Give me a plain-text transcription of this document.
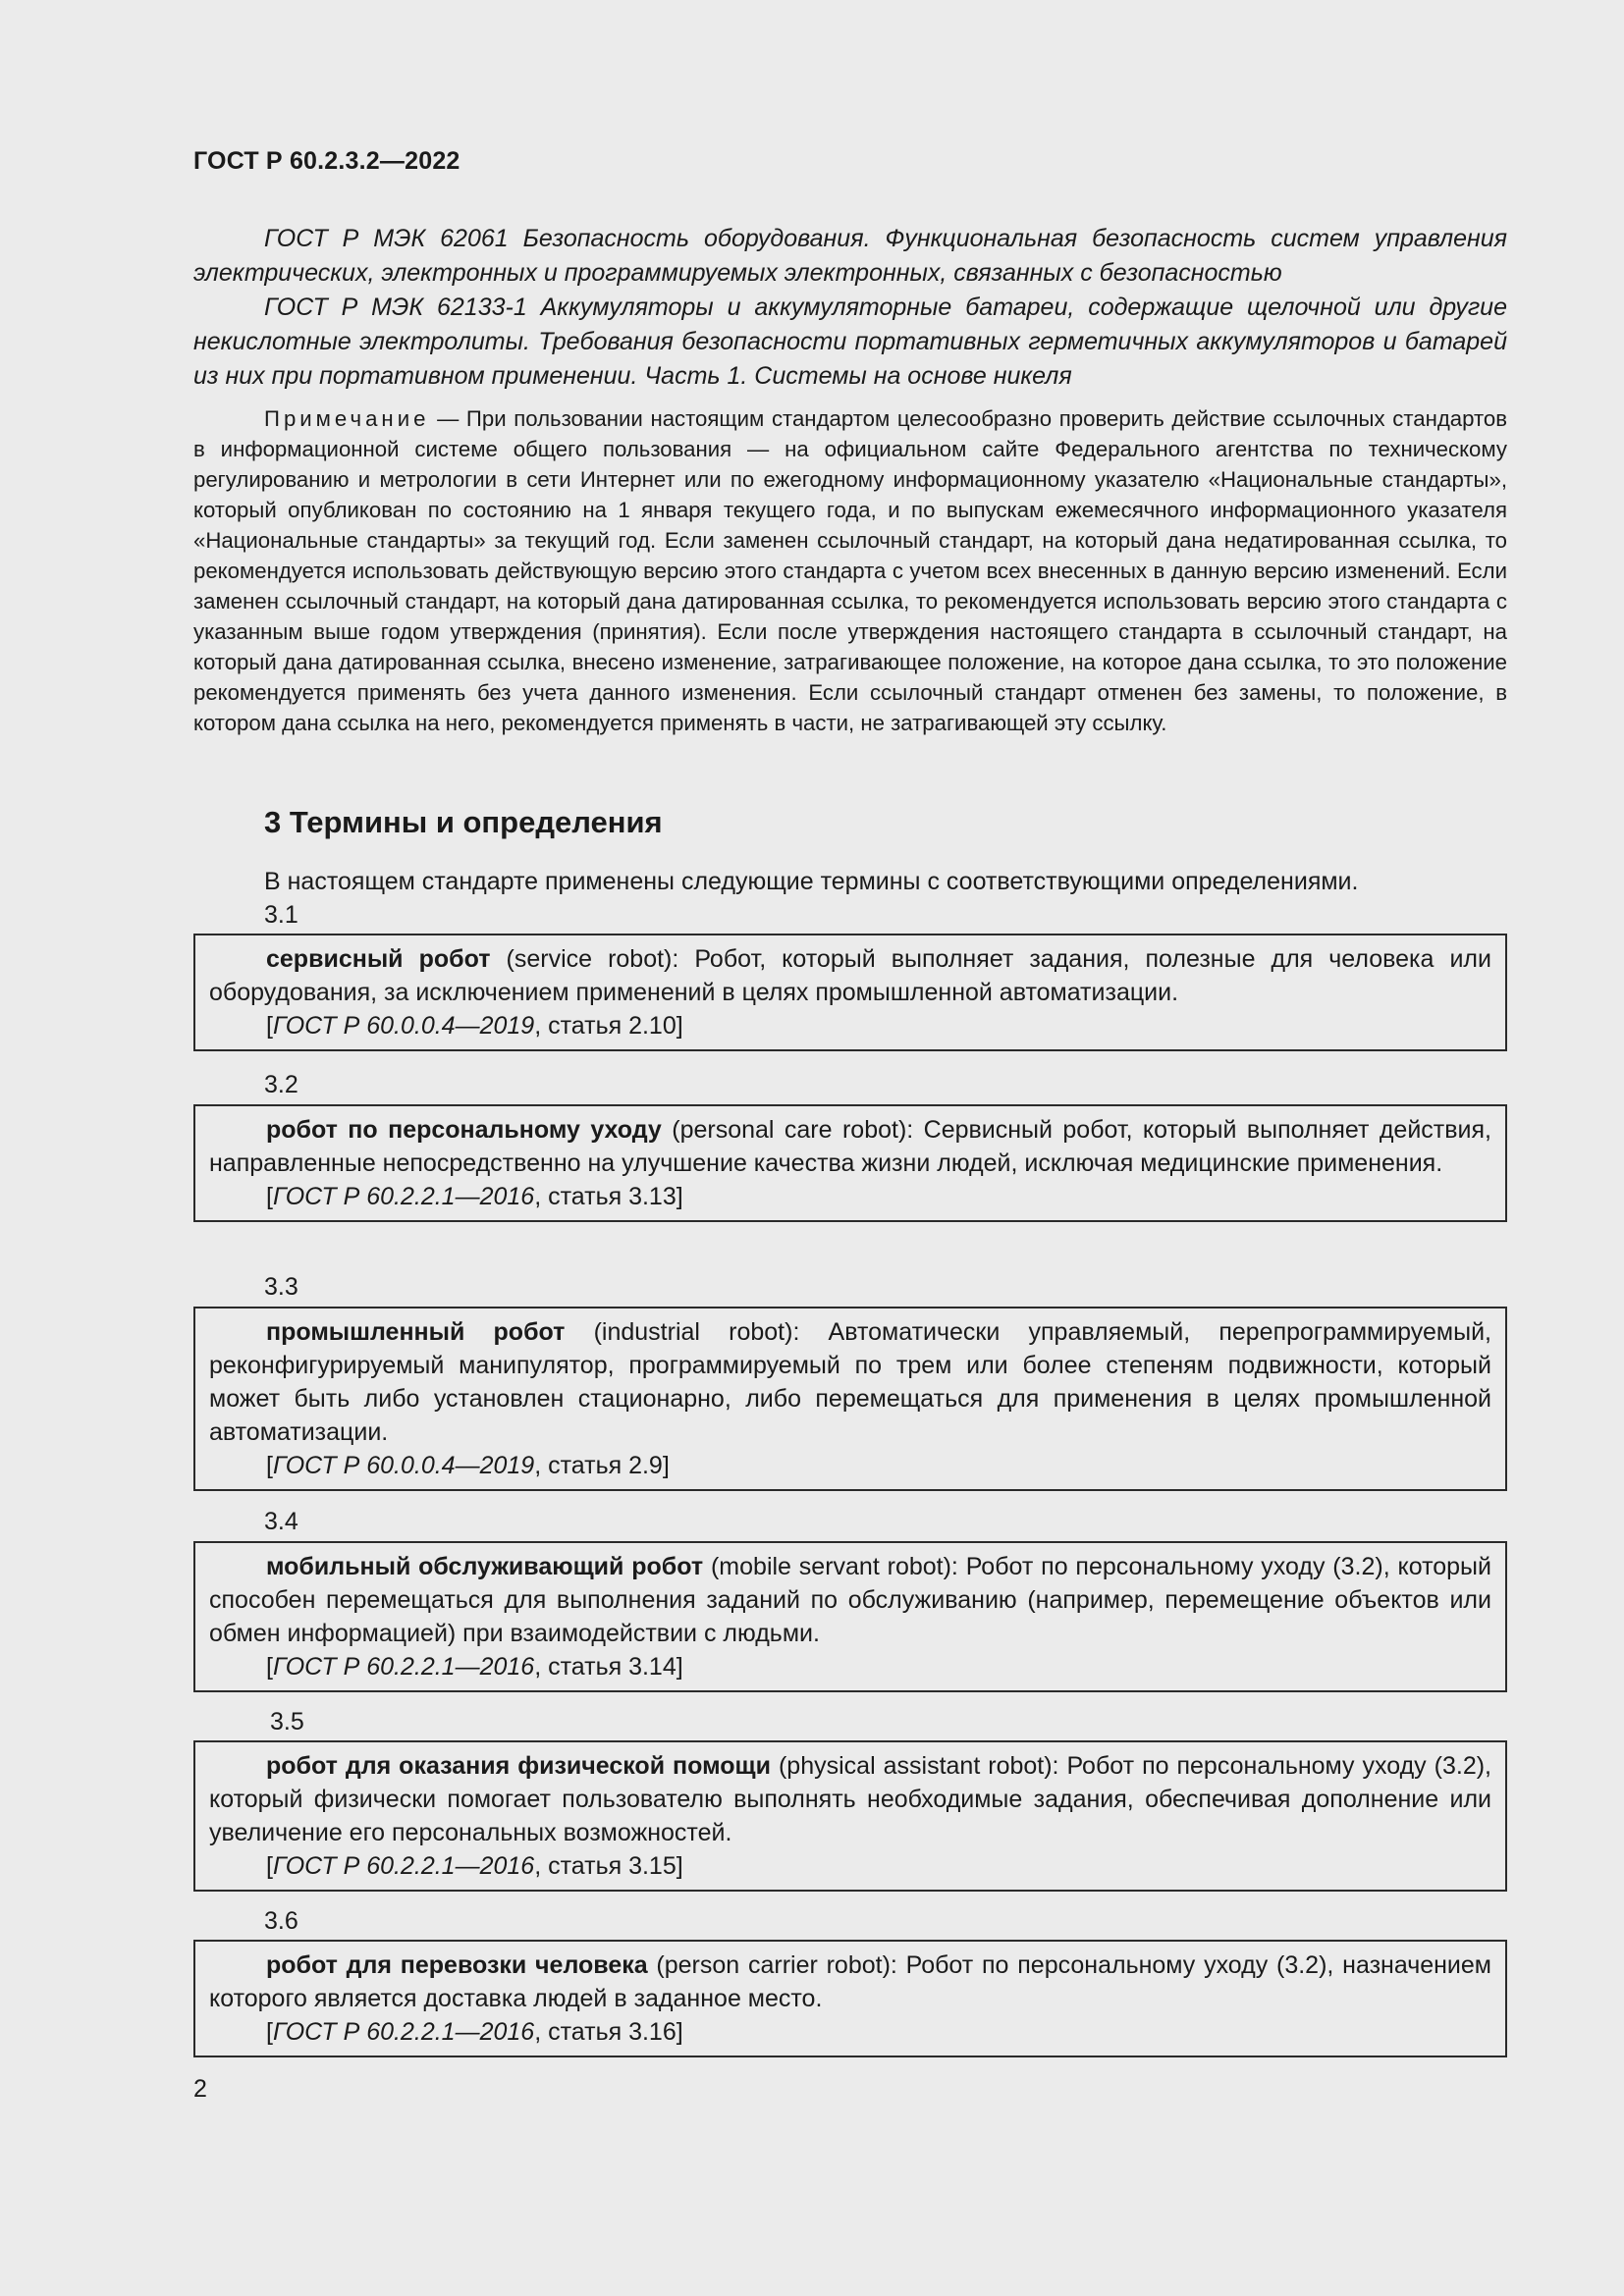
ГОСТ Р 60.2.3.2—2022

ГОСТ Р МЭК 62061 Безопасность оборудования. Функциональная безопасность систем управления электрических, электронных и программируемых электронных, связанных с безопасностью

ГОСТ Р МЭК 62133-1 Аккумуляторы и аккумуляторные батареи, содержащие щелочной или другие некислотные электролиты. Требования безопасности портативных герметичных аккумуляторов и батарей из них при портативном применении. Часть 1. Системы на основе никеля

Примечание — При пользовании настоящим стандартом целесообразно проверить действие ссылочных стандартов в информационной системе общего пользования — на официальном сайте Федерального агентства по техническому регулированию и метрологии в сети Интернет или по ежегодному информационному указателю «Национальные стандарты», который опубликован по состоянию на 1 января текущего года, и по выпускам ежемесячного информационного указателя «Национальные стандарты» за текущий год. Если заменен ссылочный стандарт, на который дана недатированная ссылка, то рекомендуется использовать действующую версию этого стандарта с учетом всех внесенных в данную версию изменений. Если заменен ссылочный стандарт, на который дана датированная ссылка, то рекомендуется использовать версию этого стандарта с указанным выше годом утверждения (принятия). Если после утверждения настоящего стандарта в ссылочный стандарт, на который дана датированная ссылка, внесено изменение, затрагивающее положение, на которое дана ссылка, то это положение рекомендуется применять без учета данного изменения. Если ссылочный стандарт отменен без замены, то положение, в котором дана ссылка на него, рекомендуется применять в части, не затрагивающей эту ссылку.
3 Термины и определения
В настоящем стандарте применены следующие термины с соответствующими определениями.
3.1

сервисный робот (service robot): Робот, который выполняет задания, полезные для человека или оборудования, за исключением применений в целях промышленной автоматизации.

[ГОСТ Р 60.0.0.4—2019, статья 2.10]

3.2

робот по персональному уходу (personal care robot): Сервисный робот, который выполняет действия, направленные непосредственно на улучшение качества жизни людей, исключая медицинские применения.

[ГОСТ Р 60.2.2.1—2016, статья 3.13]

3.3

промышленный робот (industrial robot): Автоматически управляемый, перепрограммируемый, реконфигурируемый манипулятор, программируемый по трем или более степеням подвижности, который может быть либо установлен стационарно, либо перемещаться для применения в целях промышленной автоматизации.

[ГОСТ Р 60.0.0.4—2019, статья 2.9]

3.4

мобильный обслуживающий робот (mobile servant robot): Робот по персональному уходу (3.2), который способен перемещаться для выполнения заданий по обслуживанию (например, перемещение объектов или обмен информацией) при взаимодействии с людьми.

[ГОСТ Р 60.2.2.1—2016, статья 3.14]

3.5

робот для оказания физической помощи (physical assistant robot): Робот по персональному уходу (3.2), который физически помогает пользователю выполнять необходимые задания, обеспечивая дополнение или увеличение его персональных возможностей.

[ГОСТ Р 60.2.2.1—2016, статья 3.15]

3.6

робот для перевозки человека (person carrier robot): Робот по персональному уходу (3.2), назначением которого является доставка людей в заданное место.

[ГОСТ Р 60.2.2.1—2016, статья 3.16]

2
